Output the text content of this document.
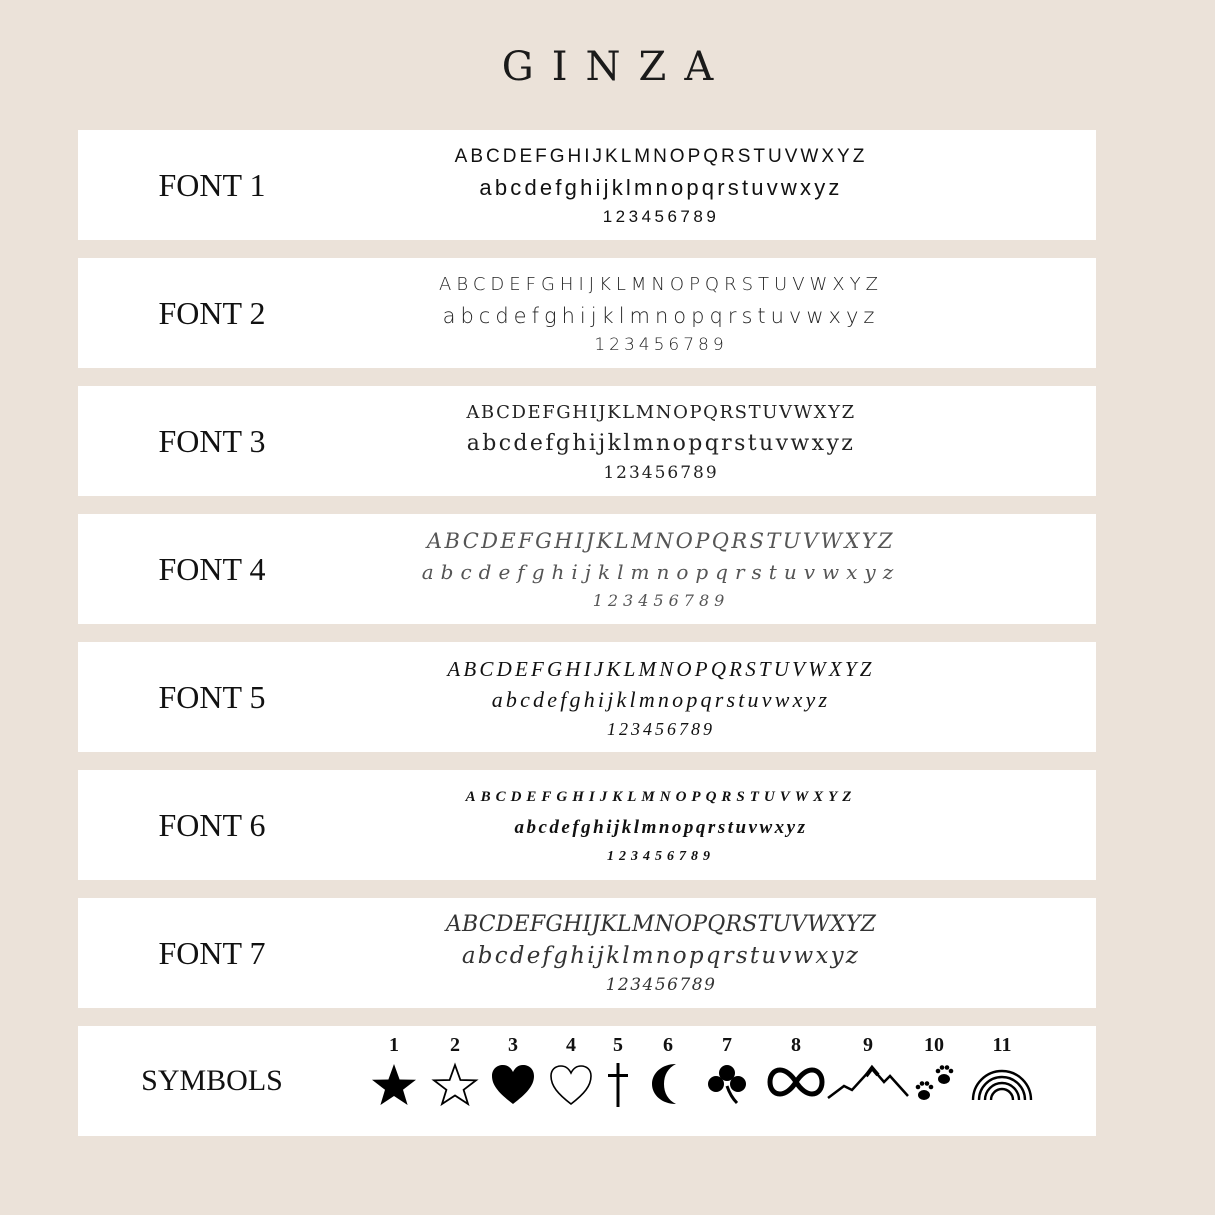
GINZA
FONT 1
ABCDEFGHIJKLMNOPQRSTUVWXYZ
abcdefghijklmnopqrstuvwxyz
123456789
FONT 2
ABCDEFGHIJKLMNOPQRSTUVWXYZ
abcdefghijklmnopqrstuvwxyz
123456789
FONT 3
ABCDEFGHIJKLMNOPQRSTUVWXYZ
abcdefghijklmnopqrstuvwxyz
123456789
FONT 4
ABCDEFGHIJKLMNOPQRSTUVWXYZ
abcdefghijklmnopqrstuvwxyz
123456789
FONT 5
ABCDEFGHIJKLMNOPQRSTUVWXYZ
abcdefghijklmnopqrstuvwxyz
123456789
FONT 6
ABCDEFGHIJKLMNOPQRSTUVWXYZ
abcdefghijklmnopqrstuvwxyz
123456789
FONT 7
ABCDEFGHIJKLMNOPQRSTUVWXYZ
abcdefghijklmnopqrstuvwxyz
123456789
SYMBOLS
1	2	3	4	5	6	7	8	9	10	11
